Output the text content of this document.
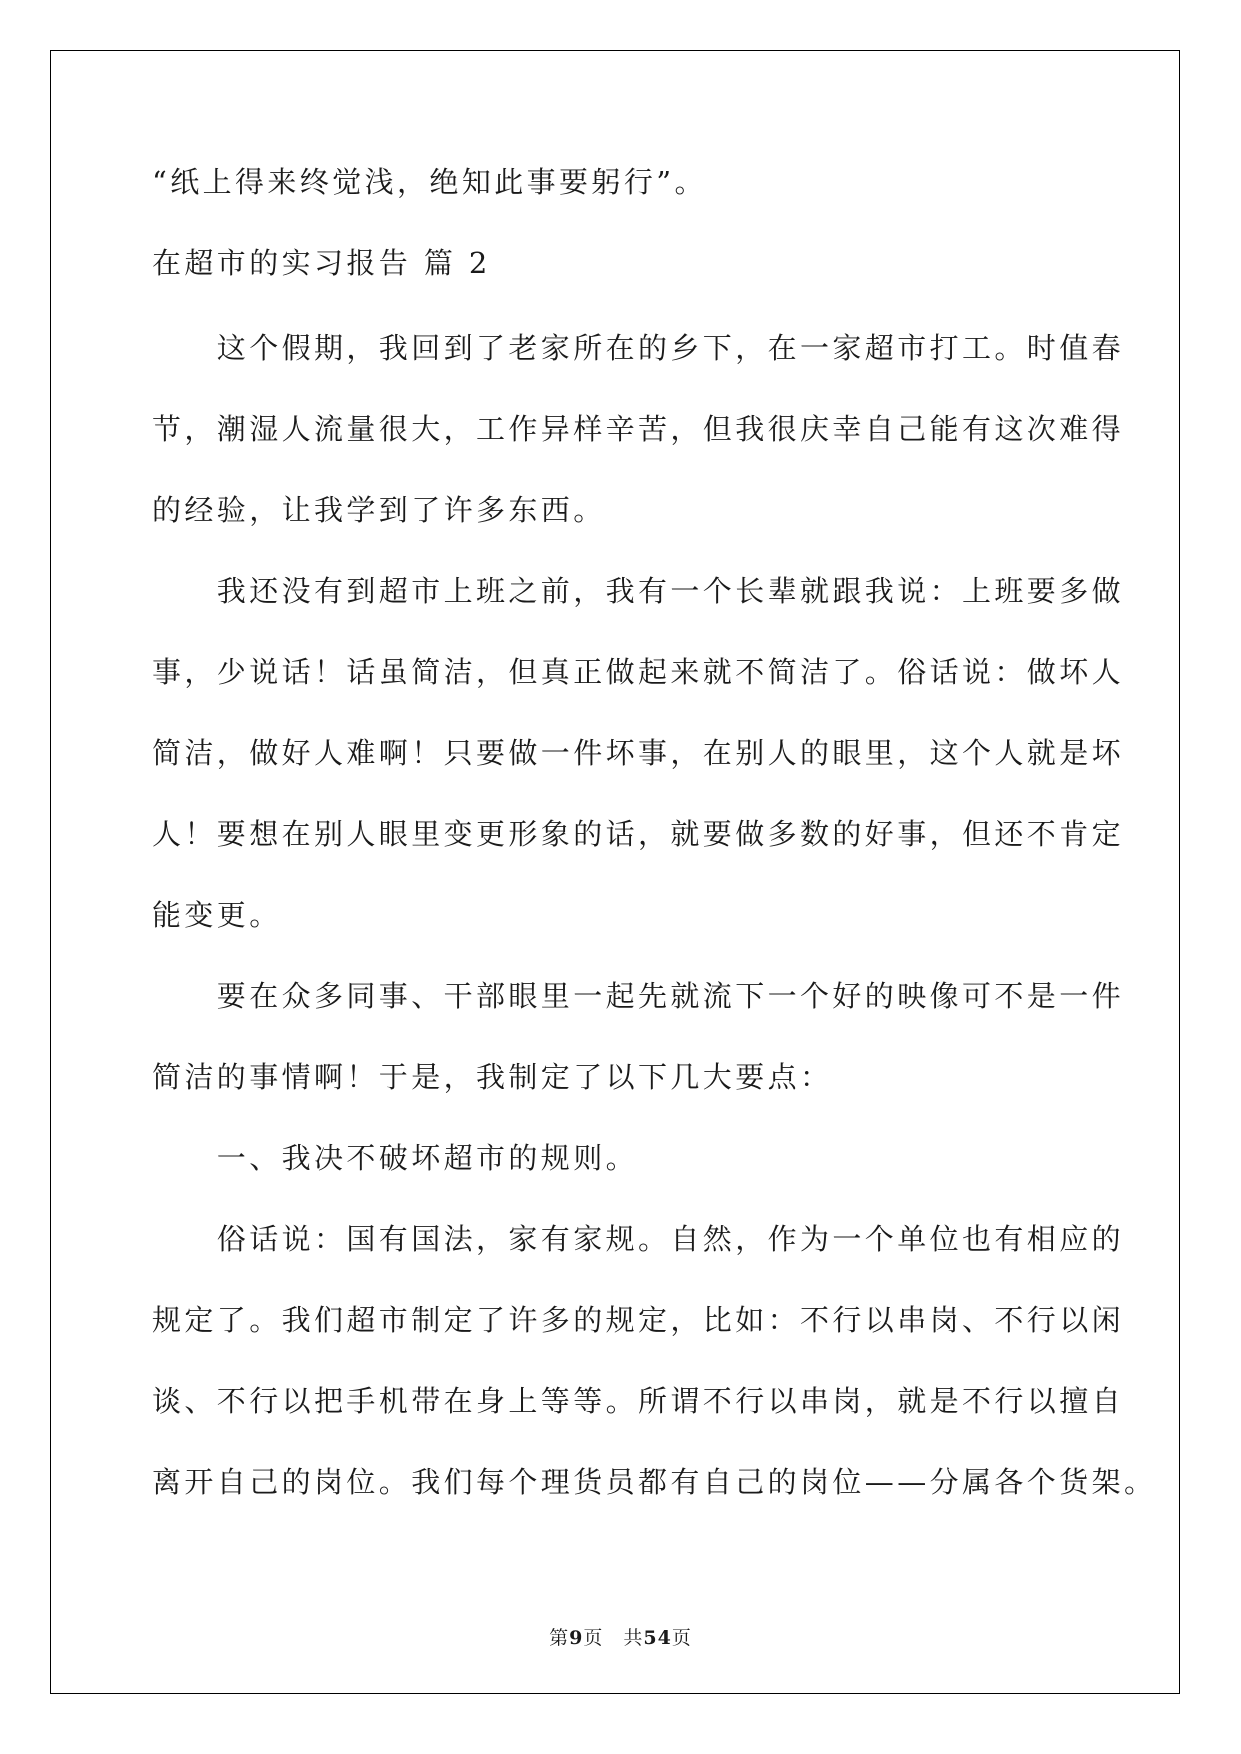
“纸上得来终觉浅，绝知此事要躬行”。
在超市的实习报告 篇 2
　　这个假期，我回到了老家所在的乡下，在一家超市打工。时值春
节，潮湿人流量很大，工作异样辛苦，但我很庆幸自己能有这次难得
的经验，让我学到了许多东西。
　　我还没有到超市上班之前，我有一个长辈就跟我说：上班要多做
事，少说话！话虽简洁，但真正做起来就不简洁了。俗话说：做坏人
简洁，做好人难啊！只要做一件坏事，在别人的眼里，这个人就是坏
人！要想在别人眼里变更形象的话，就要做多数的好事，但还不肯定
能变更。
　　要在众多同事、干部眼里一起先就流下一个好的映像可不是一件
简洁的事情啊！于是，我制定了以下几大要点：
　　一、我决不破坏超市的规则。
　　俗话说：国有国法，家有家规。自然，作为一个单位也有相应的
规定了。我们超市制定了许多的规定，比如：不行以串岗、不行以闲
谈、不行以把手机带在身上等等。所谓不行以串岗，就是不行以擅自
离开自己的岗位。我们每个理货员都有自己的岗位——分属各个货架。
第9页 共54页
